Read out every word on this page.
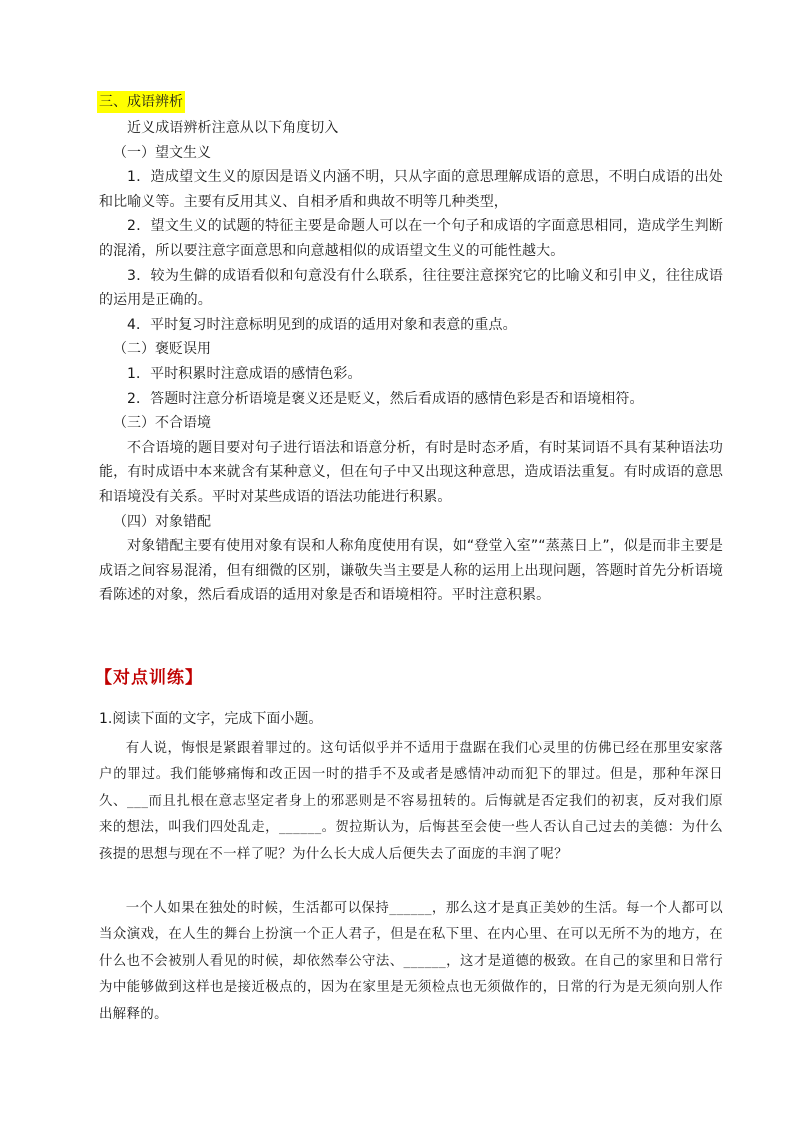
三、成语辨析

近义成语辨析注意从以下角度切入

（一）望文生义

1．造成望文生义的原因是语义内涵不明，只从字面的意思理解成语的意思，不明白成语的出处和比喻义等。主要有反用其义、自相矛盾和典故不明等几种类型，

2．望文生义的试题的特征主要是命题人可以在一个句子和成语的字面意思相同，造成学生判断的混淆，所以要注意字面意思和向意越相似的成语望文生义的可能性越大。

3．较为生僻的成语看似和句意没有什么联系，往往要注意探究它的比喻义和引申义，往往成语的运用是正确的。

4．平时复习时注意标明见到的成语的适用对象和表意的重点。

（二）褒贬误用

1．平时积累时注意成语的感情色彩。

2．答题时注意分析语境是褒义还是贬义，然后看成语的感情色彩是否和语境相符。

（三）不合语境

不合语境的题目要对句子进行语法和语意分析，有时是时态矛盾，有时某词语不具有某种语法功能，有时成语中本来就含有某种意义，但在句子中又出现这种意思，造成语法重复。有时成语的意思和语境没有关系。平时对某些成语的语法功能进行积累。

（四）对象错配

对象错配主要有使用对象有误和人称角度使用有误，如“登堂入室”“蒸蒸日上”，似是而非主要是成语之间容易混淆，但有细微的区别，谦敬失当主要是人称的运用上出现问题，答题时首先分析语境看陈述的对象，然后看成语的适用对象是否和语境相符。平时注意积累。

【对点训练】
1.阅读下面的文字，完成下面小题。

有人说，悔恨是紧跟着罪过的。这句话似乎并不适用于盘踞在我们心灵里的仿佛已经在那里安家落户的罪过。我们能够痛悔和改正因一时的措手不及或者是感情冲动而犯下的罪过。但是，那种年深日久、___而且扎根在意志坚定者身上的邪恶则是不容易扭转的。后悔就是否定我们的初衷，反对我们原来的想法，叫我们四处乱走，______。贺拉斯认为，后悔甚至会使一些人否认自己过去的美德：为什么孩提的思想与现在不一样了呢？为什么长大成人后便失去了面庞的丰润了呢？

一个人如果在独处的时候，生活都可以保持______，那么这才是真正美妙的生活。每一个人都可以当众演戏，在人生的舞台上扮演一个正人君子，但是在私下里、在内心里、在可以无所不为的地方，在什么也不会被别人看见的时候，却依然奉公守法、______，这才是道德的极致。在自己的家里和日常行为中能够做到这样也是接近极点的，因为在家里是无须检点也无须做作的，日常的行为是无须向别人作出解释的。
